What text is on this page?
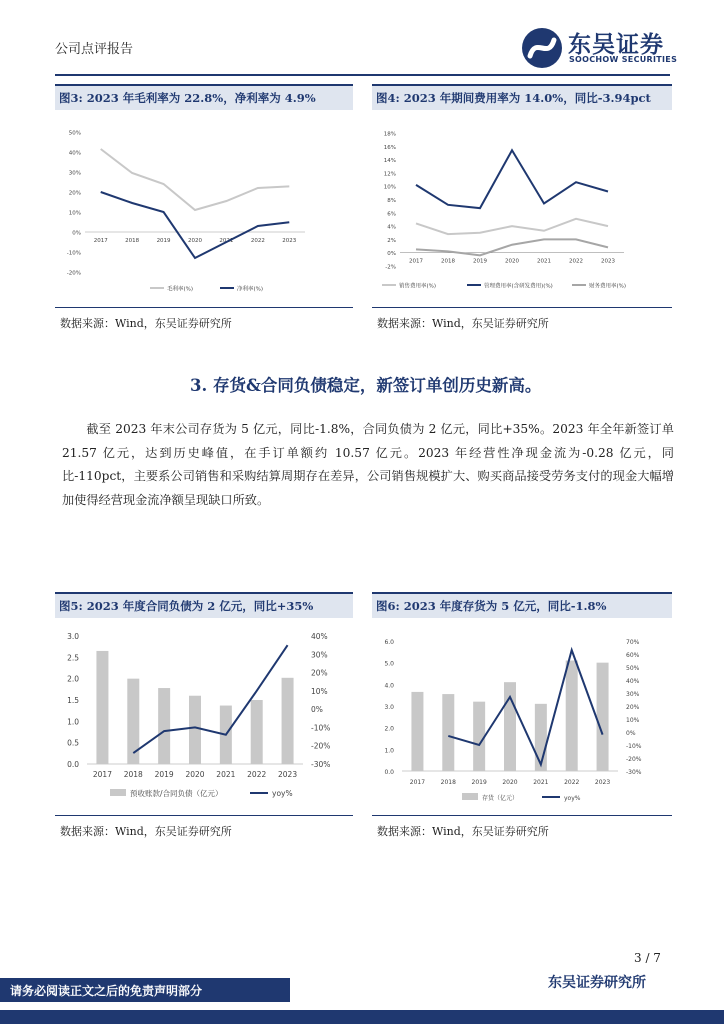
公司点评报告	东吴证券
SOOCHOW SECURITIES
图3: 2023 年毛利率为 22.8%，净利率为 4.9%
50%
40%
30%
20%
10%
0%
-10%
-20%
2017	2018	2019	2020	2021	2022	2023
毛利率(%)	净利率(%)
数据来源：Wind，东吴证券研究所
图4: 2023 年期间费用率为 14.0%，同比-3.94pct
18%
16%
14%
12%
10%
8%
6%
4%
2%
0%
-2%
2017	2018	2019	2020	2021	2022	2023
销售费用率(%)	管理费用率(含研发费用)(%)	财务费用率(%)
数据来源：Wind，东吴证券研究所
3. 存货&合同负债稳定，新签订单创历史新高。

截至 2023 年末公司存货为 5 亿元，同比-1.8%，合同负债为 2 亿元，同比+35%。2023 年全年新签订单 21.57 亿元，达到历史峰值，在手订单额约 10.57 亿元。2023 年经营性净现金流为-0.28 亿元，同比-110pct，主要系公司销售和采购结算周期存在差异，公司销售规模扩大、购买商品接受劳务支付的现金大幅增加使得经营现金流净额呈现缺口所致。

图5: 2023 年度合同负债为 2 亿元，同比+35%
3.0
2.5
2.0
1.5
1.0
0.5
0.0
40%
30%
20%
10%
0%
-10%
-20%
-30%
2017 2018 2019 2020 2021 2022 2023
预收账款/合同负债（亿元）	yoy%
数据来源：Wind，东吴证券研究所
图6: 2023 年度存货为 5 亿元，同比-1.8%
6.0
5.0
4.0
3.0
2.0
1.0
0.0
70%
60%
50%
40%
30%
20%
10%
0%
-10%
-20%
-30%
2017	2018	2019	2020	2021	2022	2023
存货（亿元）	yoy%
数据来源：Wind，东吴证券研究所
3 / 7
东吴证券研究所
请务必阅读正文之后的免责声明部分
